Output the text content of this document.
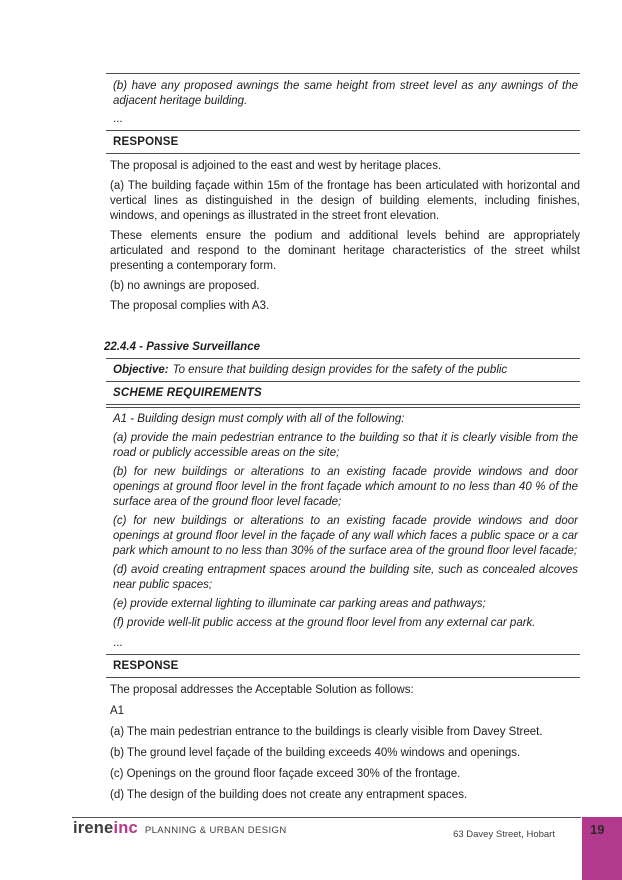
(b) have any proposed awnings the same height from street level as any awnings of the adjacent heritage building.

...

RESPONSE

The proposal is adjoined to the east and west by heritage places.

(a) The building façade within 15m of the frontage has been articulated with horizontal and vertical lines as distinguished in the design of building elements, including finishes, windows, and openings as illustrated in the street front elevation.

These elements ensure the podium and additional levels behind are appropriately articulated and respond to the dominant heritage characteristics of the street whilst presenting a contemporary form.

(b) no awnings are proposed.

The proposal complies with A3.

22.4.4 - Passive Surveillance
Objective: To ensure that building design provides for the safety of the public
SCHEME REQUIREMENTS

A1 - Building design must comply with all of the following:

(a) provide the main pedestrian entrance to the building so that it is clearly visible from the road or publicly accessible areas on the site;

(b) for new buildings or alterations to an existing facade provide windows and door openings at ground floor level in the front façade which amount to no less than 40 % of the surface area of the ground floor level facade;

(c) for new buildings or alterations to an existing facade provide windows and door openings at ground floor level in the façade of any wall which faces a public space or a car park which amount to no less than 30% of the surface area of the ground floor level facade;

(d) avoid creating entrapment spaces around the building site, such as concealed alcoves near public spaces;

(e) provide external lighting to illuminate car parking areas and pathways;

(f) provide well-lit public access at the ground floor level from any external car park.

...

RESPONSE

The proposal addresses the Acceptable Solution as follows:

A1

(a) The main pedestrian entrance to the buildings is clearly visible from Davey Street.

(b) The ground level façade of the building exceeds 40% windows and openings.

(c) Openings on the ground floor façade exceed 30% of the frontage.

(d) The design of the building does not create any entrapment spaces.

irene inc PLANNING & URBAN DESIGN	63 Davey Street, Hobart	19
